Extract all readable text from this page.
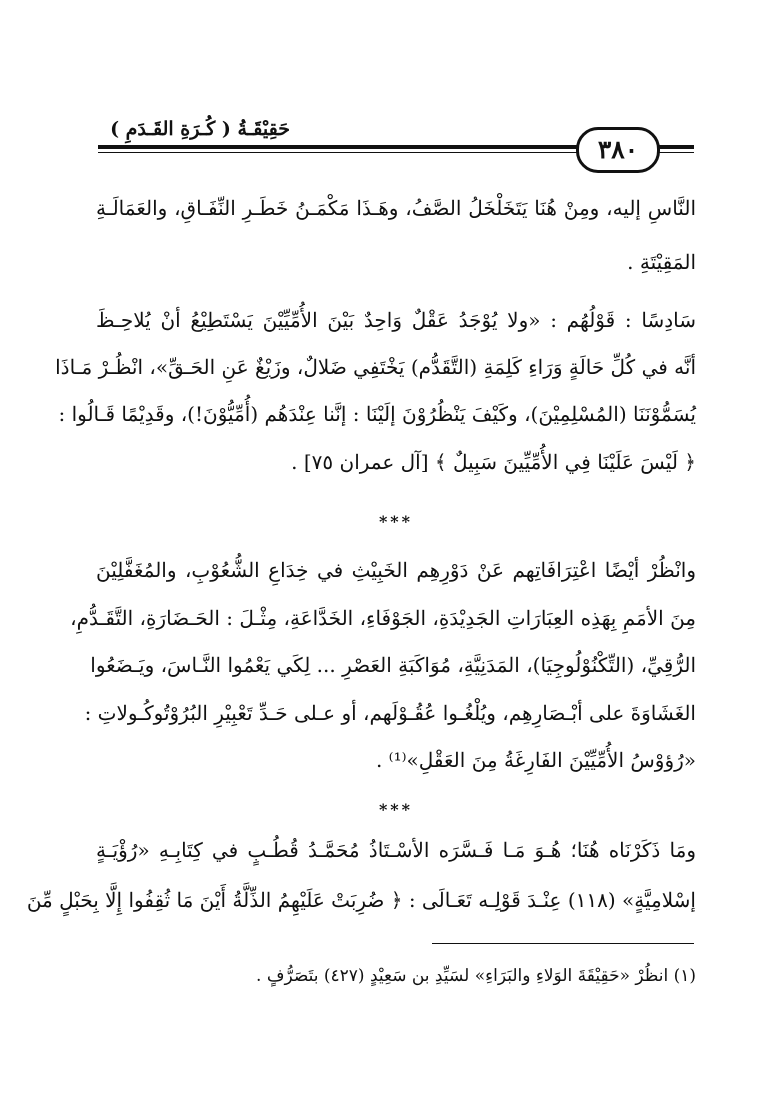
حَقِيْقَـةُ ( كُـرَةِ القَـدَمِ )
٣٨٠
النَّاسِ إليه، ومِنْ هُنَا يَتَخَلْخَلُ الصَّفُ، وهَـذَا مَكْمَـنُ خَطَـرِ النِّفَـاقِ، والعَمَالَـةِ
المَقِيْتَةِ .
سَادِسًا : قَوْلُهُم : «ولا يُوْجَدُ عَقْلٌ وَاحِدٌ بَيْنَ الأُمِّيِّيْنَ يَسْتَطِيْعُ أنْ يُلاحِـظَ
أنَّه في كُلِّ حَالَةٍ وَرَاءِ كَلِمَةِ (التَّقَدُّم) يَخْتَفِي ضَلالٌ، وزَيْغٌ عَنِ الحَـقِّ»، انْظُـرْ مَـاذَا
يُسَمُّوْنَنَا (المُسْلِمِيْنَ)، وكَيْفَ يَنْظُرُوْنَ إلَيْنَا : إنَّنا عِنْدَهُم (أُمِّيُّوْنَ!)، وقَدِيْمًا قَـالُوا :
﴿ لَيْسَ عَلَيْنَا فِي الأُمِّيِّينَ سَبِيلٌ ﴾ [آل عمران ٧٥] .
***
وانْظُرْ أيْضًا اعْتِرَافَاتِهم عَنْ دَوْرِهِم الخَبِيْثِ في خِدَاعِ الشُّعُوْبِ، والمُغَفَّلِيْنَ
مِنَ الأمَمِ بِهَذِه العِبَارَاتِ الجَدِيْدَةِ، الجَوْفَاءِ، الخَدَّاعَةِ، مِثْـلَ : الحَـضَارَةِ، التَّقَـدُّمِ،
الرُّقِيِّ، (التِّكْنُوْلُوجِيَا)، المَدَنِيَّةِ، مُوَاكَبَةِ العَصْرِ ... لِكَي يَعْمُوا النَّـاسَ، ويَـضَعُوا
الغَشَاوَةَ على أبْـصَارِهِم، ويُلْغُـوا عُقُـوْلَهم، أو عـلى حَـدِّ تَعْبِيْرِ البُرُوْتُوكُـولاتِ :
«رُؤوْسُ الأُمِّيِّيْنَ الفَارِغَةُ مِنَ العَقْلِ»⁽¹⁾ .
***
ومَا ذَكَرْنَاه هُنَا؛ هُـوَ مَـا فَـسَّرَه الأسْـتَاذُ مُحَمَّـدُ قُطُـبٍ في كِتَابِـهِ «رُؤْيَـةٍ
إسْلامِيَّةٍ» (١١٨) عِنْـدَ قَوْلِـه تَعَـالَى : ﴿ ضُرِبَتْ عَلَيْهِمُ الذِّلَّةُ أَيْنَ مَا ثُقِفُوا إِلَّا بِحَبْلٍ مِّنَ
(١) انظُرْ «حَقِيْقَةَ الوَلاءِ والبَرَاءِ» لسَيِّدِ بن سَعِيْدٍ (٤٢٧) بتَصَرُّفٍ .
